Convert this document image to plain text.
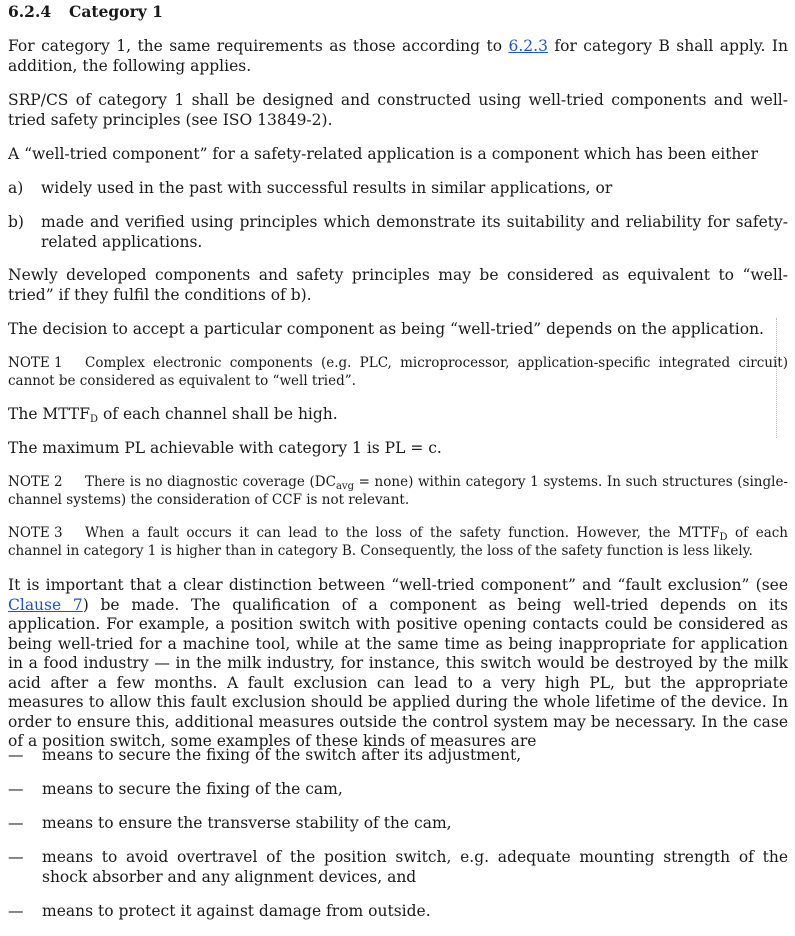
6.2.4 Category 1
For category 1, the same requirements as those according to 6.2.3 for category B shall apply. In addition, the following applies.
SRP/CS of category 1 shall be designed and constructed using well-tried components and well-tried safety principles (see ISO 13849-2).
A “well-tried component” for a safety-related application is a component which has been either
a)	widely used in the past with successful results in similar applications, or
b)	made and verified using principles which demonstrate its suitability and reliability for safety-related applications.
Newly developed components and safety principles may be considered as equivalent to “well-tried” if they fulfil the conditions of b).
The decision to accept a particular component as being “well-tried” depends on the application.
NOTE 1 Complex electronic components (e.g. PLC, microprocessor, application-specific integrated circuit) cannot be considered as equivalent to “well tried”.
The $MTTF_D$ of each channel shall be high.
The maximum PL achievable with category 1 is PL = c.
NOTE 2 There is no diagnostic coverage ($DC_{avg}$ = none) within category 1 systems. In such structures (single-channel systems) the consideration of CCF is not relevant.
NOTE 3 When a fault occurs it can lead to the loss of the safety function. However, the $MTTF_D$ of each channel in category 1 is higher than in category B. Consequently, the loss of the safety function is less likely.
It is important that a clear distinction between “well-tried component” and “fault exclusion” (see Clause 7) be made. The qualification of a component as being well-tried depends on its application. For example, a position switch with positive opening contacts could be considered as being well-tried for a machine tool, while at the same time as being inappropriate for application in a food industry — in the milk industry, for instance, this switch would be destroyed by the milk acid after a few months. A fault exclusion can lead to a very high PL, but the appropriate measures to allow this fault exclusion should be applied during the whole lifetime of the device. In order to ensure this, additional measures outside the control system may be necessary. In the case of a position switch, some examples of these kinds of measures are
—	means to secure the fixing of the switch after its adjustment,
—	means to secure the fixing of the cam,
—	means to ensure the transverse stability of the cam,
—	means to avoid overtravel of the position switch, e.g. adequate mounting strength of the shock absorber and any alignment devices, and
—	means to protect it against damage from outside.
